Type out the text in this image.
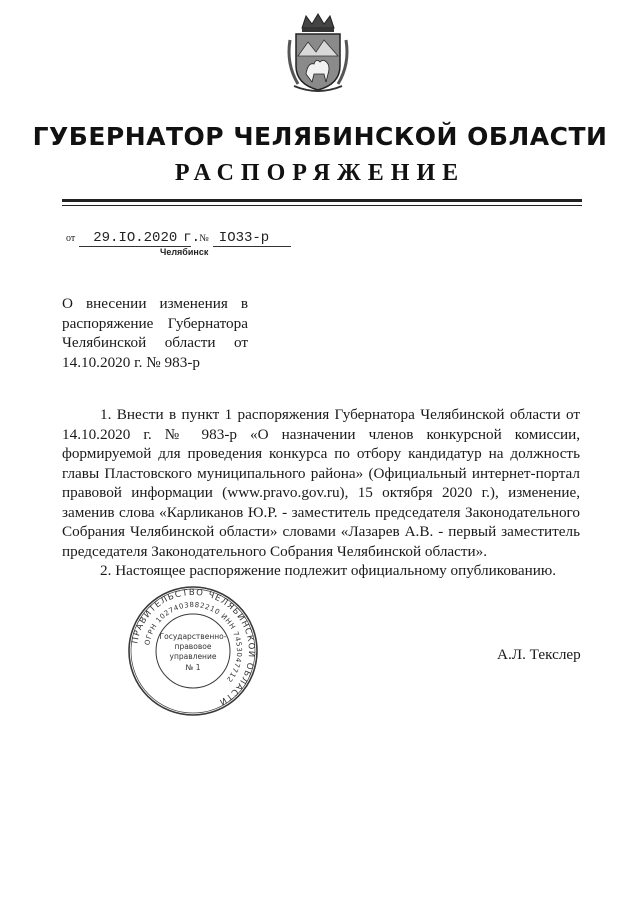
ГУБЕРНАТОР ЧЕЛЯБИНСКОЙ ОБЛАСТИ
РАСПОРЯЖЕНИЕ
от 29.IO.2020 г. № IO33-р
Челябинск
О внесении изменения в распоряжение Губернатора Челябинской области от 14.10.2020 г. № 983-р

1. Внести в пункт 1 распоряжения Губернатора Челябинской области от 14.10.2020 г. № 983-р «О назначении членов конкурсной комиссии, формируемой для проведения конкурса по отбору кандидатур на должность главы Пластовского муниципального района» (Официальный интернет-портал правовой информации (www.pravo.gov.ru), 15 октября 2020 г.), изменение, заменив слова «Карликанов Ю.Р. - заместитель председателя Законодательного Собрания Челябинской области» словами «Лазарев А.В. - первый заместитель председателя Законодательного Собрания Челябинской области».

2. Настоящее распоряжение подлежит официальному опубликованию.

ПРАВИТЕЛЬСТВО ЧЕЛЯБИНСКОЙ ОБЛАСТИ
ОГРН 1027403882210 ИНН 7453047712
Государственно-
правовое
управление
№ 1
А.Л. Текслер
